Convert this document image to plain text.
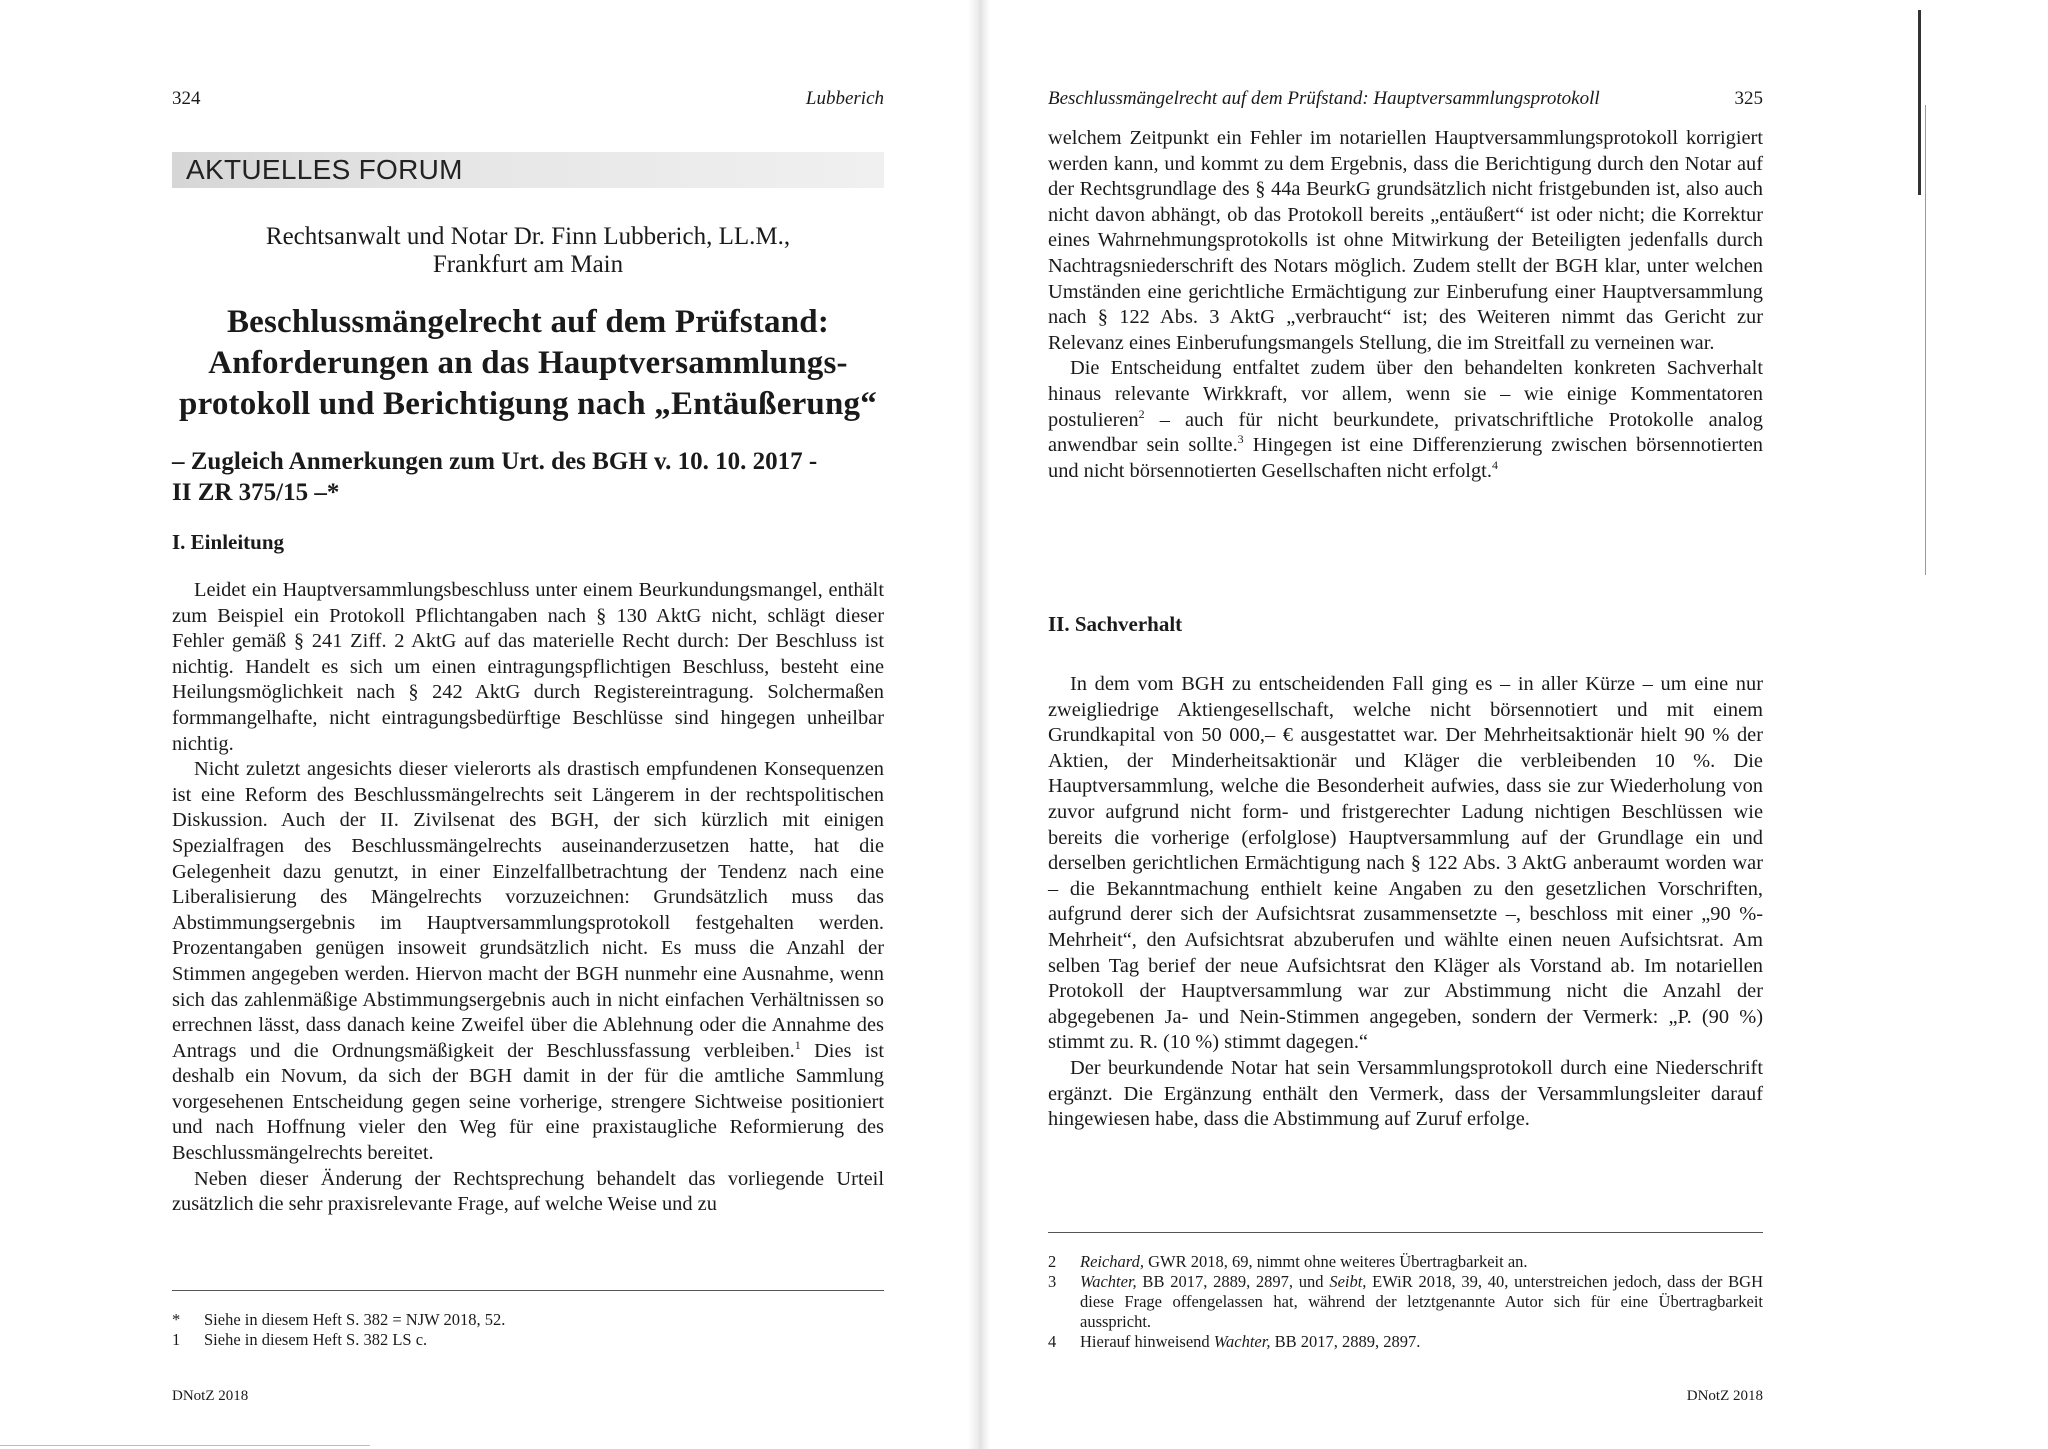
324	Lubberich
AKTUELLES FORUM
Rechtsanwalt und Notar Dr. Finn Lubberich, LL.M.,
Frankfurt am Main
Beschlussmängelrecht auf dem Prüfstand:
Anforderungen an das Hauptversammlungs-
protokoll und Berichtigung nach „Entäußerung“
– Zugleich Anmerkungen zum Urt. des BGH v. 10. 10. 2017 -
II ZR 375/15 –*
I. Einleitung

Leidet ein Hauptversammlungsbeschluss unter einem Beurkundungsmangel, enthält zum Beispiel ein Protokoll Pflichtangaben nach § 130 AktG nicht, schlägt dieser Fehler gemäß § 241 Ziff. 2 AktG auf das materielle Recht durch: Der Beschluss ist nichtig. Handelt es sich um einen eintragungspflichtigen Beschluss, besteht eine Heilungsmöglichkeit nach § 242 AktG durch Registereintragung. Solchermaßen formmangelhafte, nicht eintragungsbedürftige Beschlüsse sind hingegen unheilbar nichtig.

Nicht zuletzt angesichts dieser vielerorts als drastisch empfundenen Konsequenzen ist eine Reform des Beschlussmängelrechts seit Längerem in der rechtspolitischen Diskussion. Auch der II. Zivilsenat des BGH, der sich kürzlich mit einigen Spezialfragen des Beschlussmängelrechts auseinanderzusetzen hatte, hat die Gelegenheit dazu genutzt, in einer Einzelfallbetrachtung der Tendenz nach eine Liberalisierung des Mängelrechts vorzuzeichnen: Grundsätzlich muss das Abstimmungsergebnis im Hauptversammlungsprotokoll festgehalten werden. Prozentangaben genügen insoweit grundsätzlich nicht. Es muss die Anzahl der Stimmen angegeben werden. Hiervon macht der BGH nunmehr eine Ausnahme, wenn sich das zahlenmäßige Abstimmungsergebnis auch in nicht einfachen Verhältnissen so errechnen lässt, dass danach keine Zweifel über die Ablehnung oder die Annahme des Antrags und die Ordnungsmäßigkeit der Beschlussfassung verbleiben.$^1$ Dies ist deshalb ein Novum, da sich der BGH damit in der für die amtliche Sammlung vorgesehenen Entscheidung gegen seine vorherige, strengere Sichtweise positioniert und nach Hoffnung vieler den Weg für eine praxistaugliche Reformierung des Beschlussmängelrechts bereitet.

Neben dieser Änderung der Rechtsprechung behandelt das vorliegende Urteil zusätzlich die sehr praxisrelevante Frage, auf welche Weise und zu

*	Siehe in diesem Heft S. 382 = NJW 2018, 52.
1	Siehe in diesem Heft S. 382 LS c.
DNotZ 2018
Beschlussmängelrecht auf dem Prüfstand: Hauptversammlungsprotokoll	325

welchem Zeitpunkt ein Fehler im notariellen Hauptversammlungsprotokoll korrigiert werden kann, und kommt zu dem Ergebnis, dass die Berichtigung durch den Notar auf der Rechtsgrundlage des § 44a BeurkG grundsätzlich nicht fristgebunden ist, also auch nicht davon abhängt, ob das Protokoll bereits „entäußert“ ist oder nicht; die Korrektur eines Wahrnehmungsprotokolls ist ohne Mitwirkung der Beteiligten jedenfalls durch Nachtragsniederschrift des Notars möglich. Zudem stellt der BGH klar, unter welchen Umständen eine gerichtliche Ermächtigung zur Einberufung einer Hauptversammlung nach § 122 Abs. 3 AktG „verbraucht“ ist; des Weiteren nimmt das Gericht zur Relevanz eines Einberufungsmangels Stellung, die im Streitfall zu verneinen war.

Die Entscheidung entfaltet zudem über den behandelten konkreten Sachverhalt hinaus relevante Wirkkraft, vor allem, wenn sie – wie einige Kommentatoren postulieren$^2$ – auch für nicht beurkundete, privatschriftliche Protokolle analog anwendbar sein sollte.$^3$ Hingegen ist eine Differenzierung zwischen börsennotierten und nicht börsennotierten Gesellschaften nicht erfolgt.$^4$

II. Sachverhalt

In dem vom BGH zu entscheidenden Fall ging es – in aller Kürze – um eine nur zweigliedrige Aktiengesellschaft, welche nicht börsennotiert und mit einem Grundkapital von 50 000,– € ausgestattet war. Der Mehrheitsaktionär hielt 90 % der Aktien, der Minderheitsaktionär und Kläger die verbleibenden 10 %. Die Hauptversammlung, welche die Besonderheit aufwies, dass sie zur Wiederholung von zuvor aufgrund nicht form- und fristgerechter Ladung nichtigen Beschlüssen wie bereits die vorherige (erfolglose) Hauptversammlung auf der Grundlage ein und derselben gerichtlichen Ermächtigung nach § 122 Abs. 3 AktG anberaumt worden war – die Bekanntmachung enthielt keine Angaben zu den gesetzlichen Vorschriften, aufgrund derer sich der Aufsichtsrat zusammensetzte –, beschloss mit einer „90 %-Mehrheit“, den Aufsichtsrat abzuberufen und wählte einen neuen Aufsichtsrat. Am selben Tag berief der neue Aufsichtsrat den Kläger als Vorstand ab. Im notariellen Protokoll der Hauptversammlung war zur Abstimmung nicht die Anzahl der abgegebenen Ja- und Nein-Stimmen angegeben, sondern der Vermerk: „P. (90 %) stimmt zu. R. (10 %) stimmt dagegen.“

Der beurkundende Notar hat sein Versammlungsprotokoll durch eine Niederschrift ergänzt. Die Ergänzung enthält den Vermerk, dass der Versammlungsleiter darauf hingewiesen habe, dass die Abstimmung auf Zuruf erfolge.

2	Reichard, GWR 2018, 69, nimmt ohne weiteres Übertragbarkeit an.
3	Wachter, BB 2017, 2889, 2897, und Seibt, EWiR 2018, 39, 40, unterstreichen jedoch, dass der BGH diese Frage offengelassen hat, während der letztgenannte Autor sich für eine Übertragbarkeit ausspricht.
4	Hierauf hinweisend Wachter, BB 2017, 2889, 2897.
DNotZ 2018
